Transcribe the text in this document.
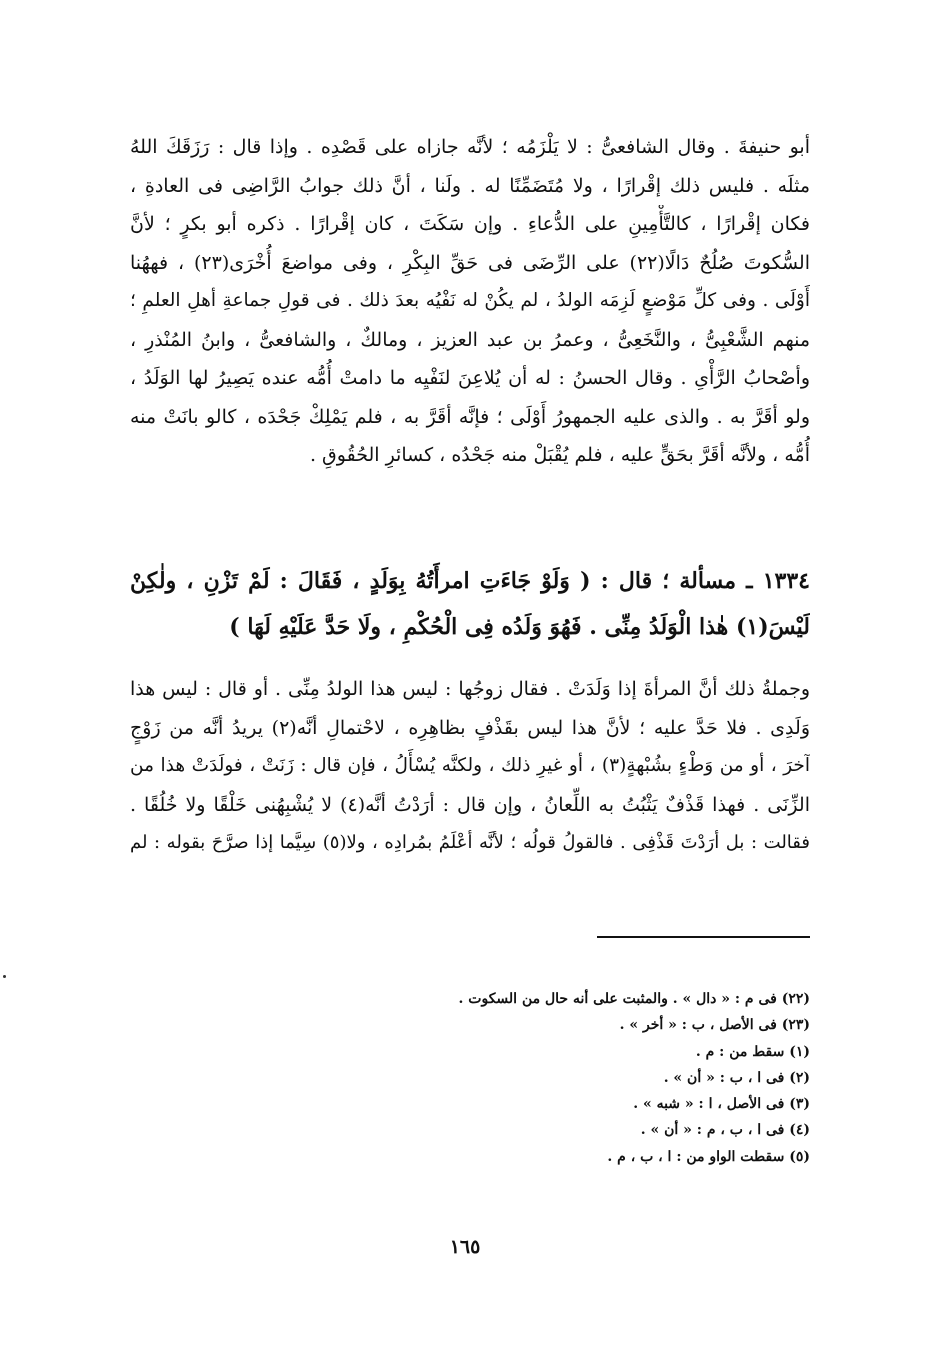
أبو حنيفةَ . وقال الشافعىُّ : لا يَلْزَمُه ؛ لأنَّه جازاه على قَصْدِه . وإذا قال : رَزَقَكَ اللهُ
مثلَه . فليس ذلك إقْرارًا ، ولا مُتَضَمِّنًا له . ولَنا ، أنَّ ذلك جوابُ الرَّاضِى فى العادةِ ،
فكان إقْرارًا ، كالتَّأْمِينِ على الدُّعاءِ . وإن سَكَتَ ، كان إقْرارًا . ذكره أبو بكرٍ ؛ لأنَّ
السُّكوتَ صُلُحٌ دَالًا(٢٢) على الرِّضَى فى حَقِّ البِكْرِ ، وفى مواضعَ أُخْرَى(٢٣) ، فههُنا
أَوْلَى . وفى كلِّ مَوْضعٍ لَزِمَه الولدُ ، لم يكُنْ له نَفْيُه بعدَ ذلك . فى قولِ جماعةِ أهلِ العلمِ ؛
منهم الشَّعْبِىُّ ، والنَّخَعِىُّ ، وعمرُ بن عبد العزيز ، ومالكٌ ، والشافعىُّ ، وابنُ المُنْذرِ ،
وأصْحابُ الرَّأْىِ . وقال الحسنُ : له أن يُلاعِنَ لنَفْيِه ما دامتْ أُمُّه عنده يَصِيرُ لها الوَلَدُ ،
ولو أقَرَّ به . والذى عليه الجمهورُ أَوْلَى ؛ فإنَّه أقَرَّ به ، فلم يَمْلِكْ جَحْدَه ، كالو بانَتْ منه
أُمُّه ، ولأنَّه أقَرَّ بحَقٍّ عليه ، فلم يُقْبَلْ منه جَحْدُه ، كسائرِ الحُقُوقِ .
١٣٣٤ ـ مسألة ؛ قال : ( وَلَوْ جَاءَتِ امرأَتُهُ بِوَلَدٍ ، فَقَالَ : لَمْ تَزْنِ ، ولٰكِنْ
لَيْسَ(١) هٰذا الْوَلَدُ مِنِّى . فَهُوَ وَلَدُه فِى الْحُكْمِ ، ولَا حَدَّ عَلَيْهِ لَهَا )
وجملةُ ذلك أنَّ المرأةَ إذا وَلَدَتْ . فقال زوجُها : ليس هذا الولدُ مِنِّى . أو قال : ليس هذا
وَلَدِى . فلا حَدَّ عليه ؛ لأنَّ هذا ليس بقَذْفٍ بظاهِرِه ، لاحْتمالِ أنَّه(٢) يريدُ أنَّه من زَوْجٍ
آخرَ ، أو من وَطْءٍ بشُبْهةٍ(٣) ، أو غيرِ ذلك ، ولكنَّه يُسْأَلُ ، فإن قال : زَنَتْ ، فولَدَتْ هذا من
الزِّنَى . فهذا قَذْفٌ يَثْبُتُ به اللِّعانُ ، وإن قال : أرَدْتُ أنَّه(٤) لا يُشْبِهُنى خَلْقًا ولا خُلُقًا .
فقالت : بل أرَدْتَ قَذْفِى . فالقولُ قولُه ؛ لأنَّه أعْلَمُ بمُرادِه ، ولا(٥) سِيَّما إذا صرَّحَ بقوله : لم
(٢٢) فى م : « دال » . والمثبت على أنه حال من السكوت .
(٢٣) فى الأصل ، ب : « أخر » .
(١) سقط من : م .
(٢) فى ا ، ب : « أن » .
(٣) فى الأصل ، ا : « شبه » .
(٤) فى ا ، ب ، م : « أن » .
(٥) سقطت الواو من : ا ، ب ، م .
١٦٥
